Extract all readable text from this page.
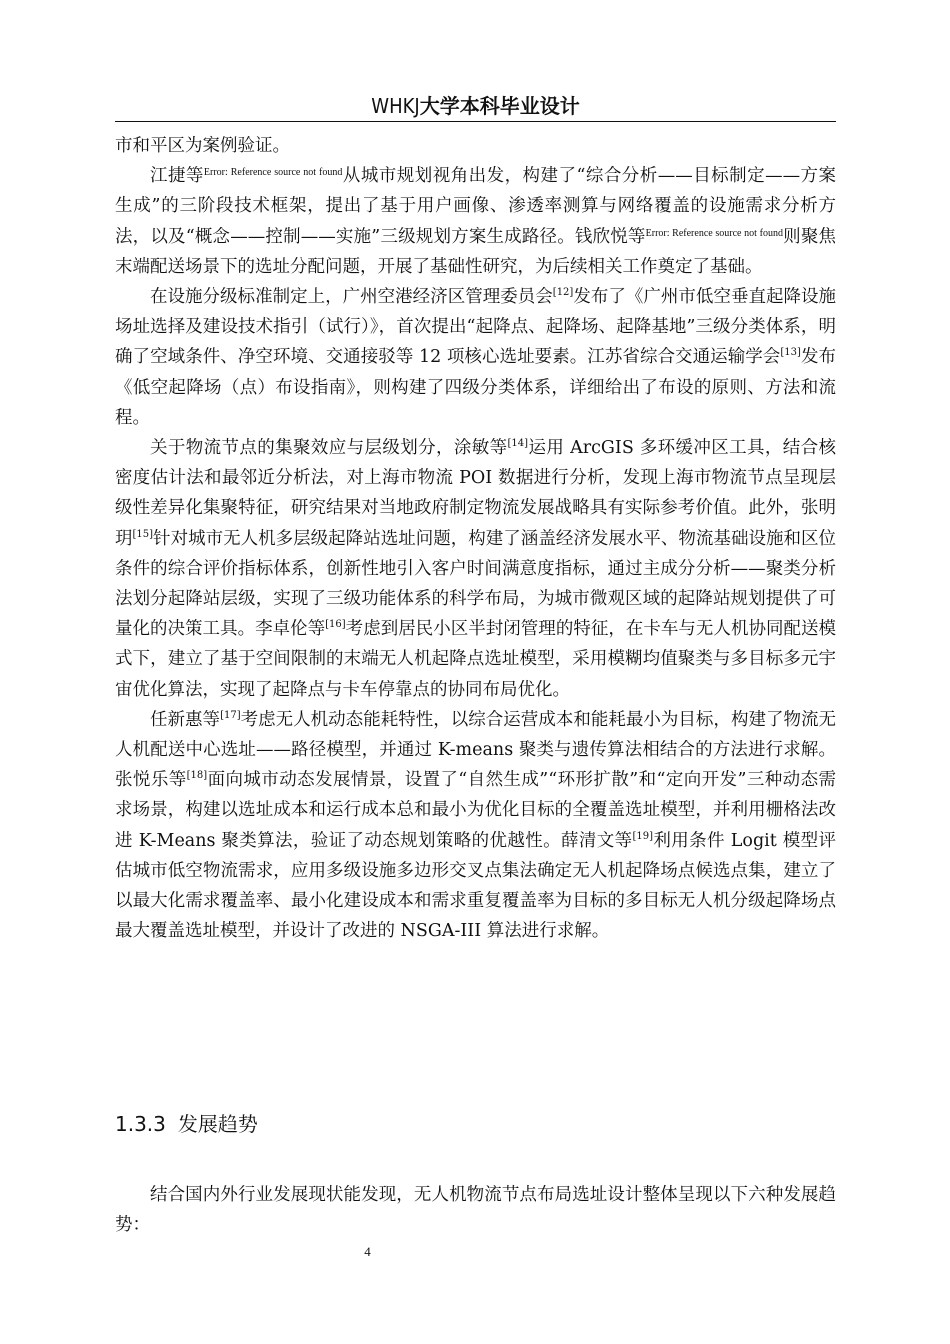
WHKJ大学本科毕业设计

市和平区为案例验证。

江捷等$^{Error: Reference source not found}$从城市规划视角出发，构建了“综合分析——目标制定——方案生成”的三阶段技术框架，提出了基于用户画像、渗透率测算与网络覆盖的设施需求分析方法，以及“概念——控制——实施”三级规划方案生成路径。钱欣悦等$^{Error: Reference source not found}$则聚焦末端配送场景下的选址分配问题，开展了基础性研究，为后续相关工作奠定了基础。

在设施分级标准制定上，广州空港经济区管理委员会[12]发布了《广州市低空垂直起降设施场址选择及建设技术指引（试行）》，首次提出“起降点、起降场、起降基地”三级分类体系，明确了空域条件、净空环境、交通接驳等 12 项核心选址要素。江苏省综合交通运输学会[13]发布《低空起降场（点）布设指南》，则构建了四级分类体系，详细给出了布设的原则、方法和流程。

关于物流节点的集聚效应与层级划分，涂敏等[14]运用 ArcGIS 多环缓冲区工具，结合核密度估计法和最邻近分析法，对上海市物流 POI 数据进行分析，发现上海市物流节点呈现层级性差异化集聚特征，研究结果对当地政府制定物流发展战略具有实际参考价值。此外，张明玥[15]针对城市无人机多层级起降站选址问题，构建了涵盖经济发展水平、物流基础设施和区位条件的综合评价指标体系，创新性地引入客户时间满意度指标，通过主成分分析——聚类分析法划分起降站层级，实现了三级功能体系的科学布局，为城市微观区域的起降站规划提供了可量化的决策工具。李卓伦等[16]考虑到居民小区半封闭管理的特征，在卡车与无人机协同配送模式下，建立了基于空间限制的末端无人机起降点选址模型，采用模糊均值聚类与多目标多元宇宙优化算法，实现了起降点与卡车停靠点的协同布局优化。

任新惠等[17]考虑无人机动态能耗特性，以综合运营成本和能耗最小为目标，构建了物流无人机配送中心选址——路径模型，并通过 K-means 聚类与遗传算法相结合的方法进行求解。张悦乐等[18]面向城市动态发展情景，设置了“自然生成”“环形扩散”和“定向开发”三种动态需求场景，构建以选址成本和运行成本总和最小为优化目标的全覆盖选址模型，并利用栅格法改进 K-Means 聚类算法，验证了动态规划策略的优越性。薛清文等[19]利用条件 Logit 模型评估城市低空物流需求，应用多级设施多边形交叉点集法确定无人机起降场点候选点集，建立了以最大化需求覆盖率、最小化建设成本和需求重复覆盖率为目标的多目标无人机分级起降场点最大覆盖选址模型，并设计了改进的 NSGA-III 算法进行求解。

1.3.3 发展趋势

结合国内外行业发展现状能发现，无人机物流节点布局选址设计整体呈现以下六种发展趋势：

4
